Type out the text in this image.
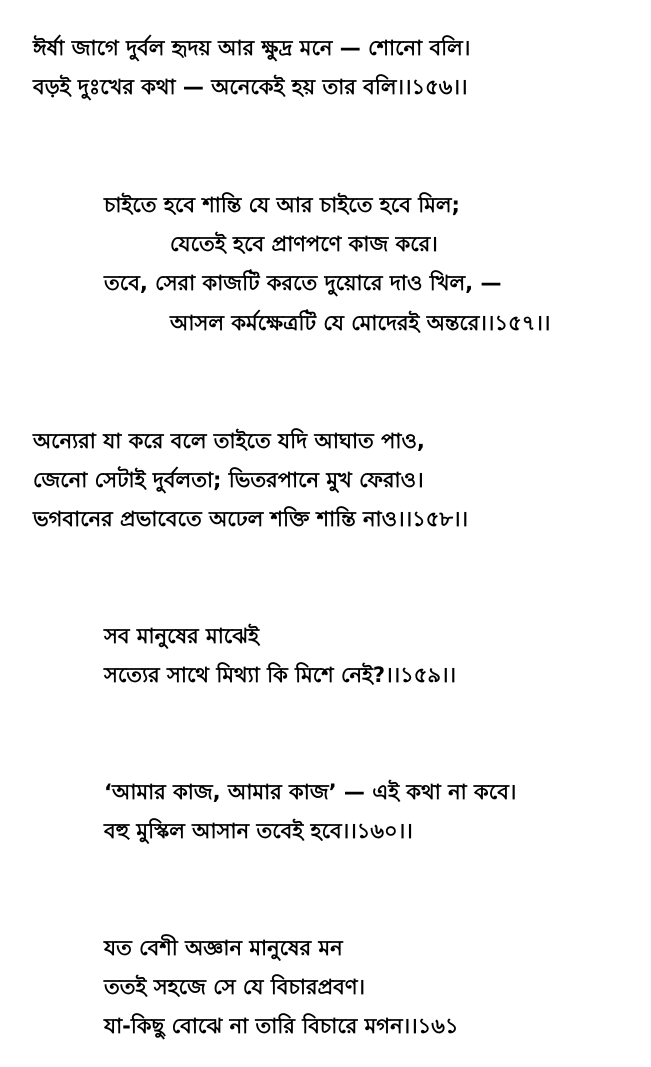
ঈর্ষা জাগে দুর্বল হৃদয় আর ক্ষুদ্র মনে — শোনো বলি।
বড়ই দুঃখের কথা — অনেকেই হয় তার বলি।।১৫৬।।
চাইতে হবে শান্তি যে আর চাইতে হবে মিল;
যেতেই হবে প্রাণপণে কাজ করে।
তবে, সেরা কাজটি করতে দুয়োরে দাও খিল, —
আসল কর্মক্ষেত্রটি যে মোদেরই অন্তরে।।১৫৭।।
অন্যেরা যা করে বলে তাইতে যদি আঘাত পাও,
জেনো সেটাই দুর্বলতা; ভিতরপানে মুখ ফেরাও।
ভগবানের প্রভাবেতে অঢেল শক্তি শান্তি নাও।।১৫৮।।
সব মানুষের মাঝেই
সত্যের সাথে মিথ্যা কি মিশে নেই?।।১৫৯।।
‘আমার কাজ, আমার কাজ’ — এই কথা না কবে।
বহু মুস্কিল আসান তবেই হবে।।১৬০।।
যত বেশী অজ্ঞান মানুষের মন
ততই সহজে সে যে বিচারপ্রবণ।
যা-কিছু বোঝে না তারি বিচারে মগন।।১৬১
